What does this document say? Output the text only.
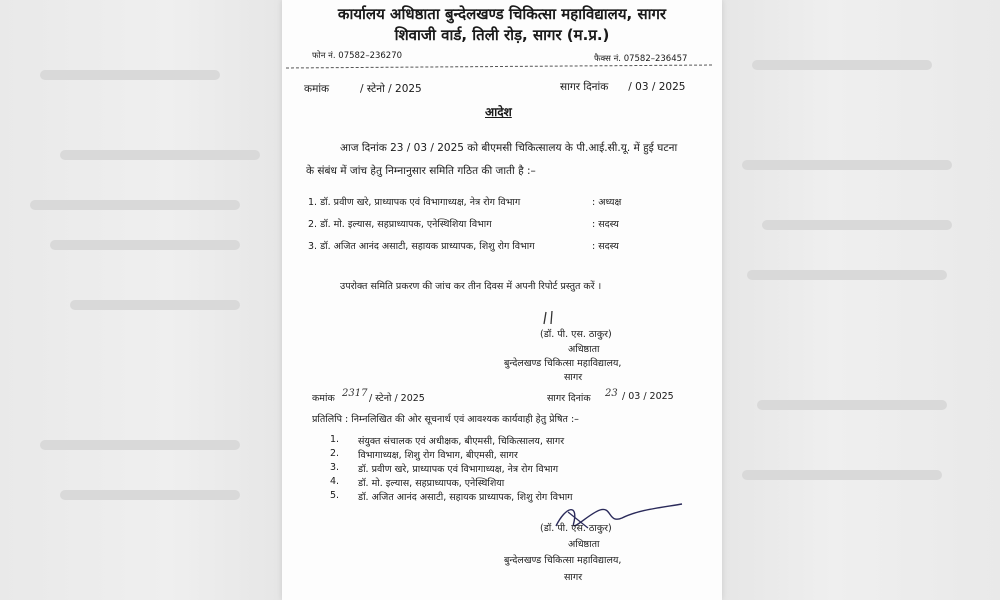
कार्यालय अधिष्ठाता बुन्देलखण्ड चिकित्सा महाविद्यालय, सागर
शिवाजी वार्ड, तिली रोड़, सागर (म.प्र.)
फोन नं. 07582–236270	फैक्स नं. 07582–236457
कमांक	/ स्टेनो / 2025	सागर दिनांक      / 03 / 2025
आदेश
आज दिनांक 23 / 03 / 2025 को बीएमसी चिकित्सालय के पी.आई.सी.यू. में हुई घटना
के संबंध में जांच हेतु निम्नानुसार समिति गठित की जाती है :–
1. डॉ. प्रवीण खरे, प्राध्यापक एवं विभागाध्यक्ष, नेत्र रोग विभाग	: अध्यक्ष
2. डॉ. मो. इल्यास, सहप्राध्यापक, एनेस्थिशिया विभाग	: सदस्य
3. डॉ. अजित आनंद असाटी, सहायक प्राध्यापक, शिशु रोग विभाग	: सदस्य
उपरोक्त समिति प्रकरण की जांच कर तीन दिवस में अपनी रिपोर्ट प्रस्तुत करें ।
(डॉ. पी. एस. ठाकुर)
अधिष्ठाता
बुन्देलखण्ड चिकित्सा महाविद्यालय,
सागर
कमांक 2317 / स्टेनो / 2025	सागर दिनांक 23 / 03 / 2025
प्रतिलिपि : निम्नलिखित की ओर सूचनार्थ एवं आवश्यक कार्यवाही हेतु प्रेषित :–
1. संयुक्त संचालक एवं अधीक्षक, बीएमसी, चिकित्सालय, सागर
2. विभागाध्यक्ष, शिशु रोग विभाग, बीएमसी, सागर
3. डॉ. प्रवीण खरे, प्राध्यापक एवं विभागाध्यक्ष, नेत्र रोग विभाग
4. डॉ. मो. इल्यास, सहप्राध्यापक, एनेस्थिशिया
5. डॉ. अजित आनंद असाटी, सहायक प्राध्यापक, शिशु रोग विभाग
(डॉ. पी. एस. ठाकुर)
अधिष्ठाता
बुन्देलखण्ड चिकित्सा महाविद्यालय,
सागर
